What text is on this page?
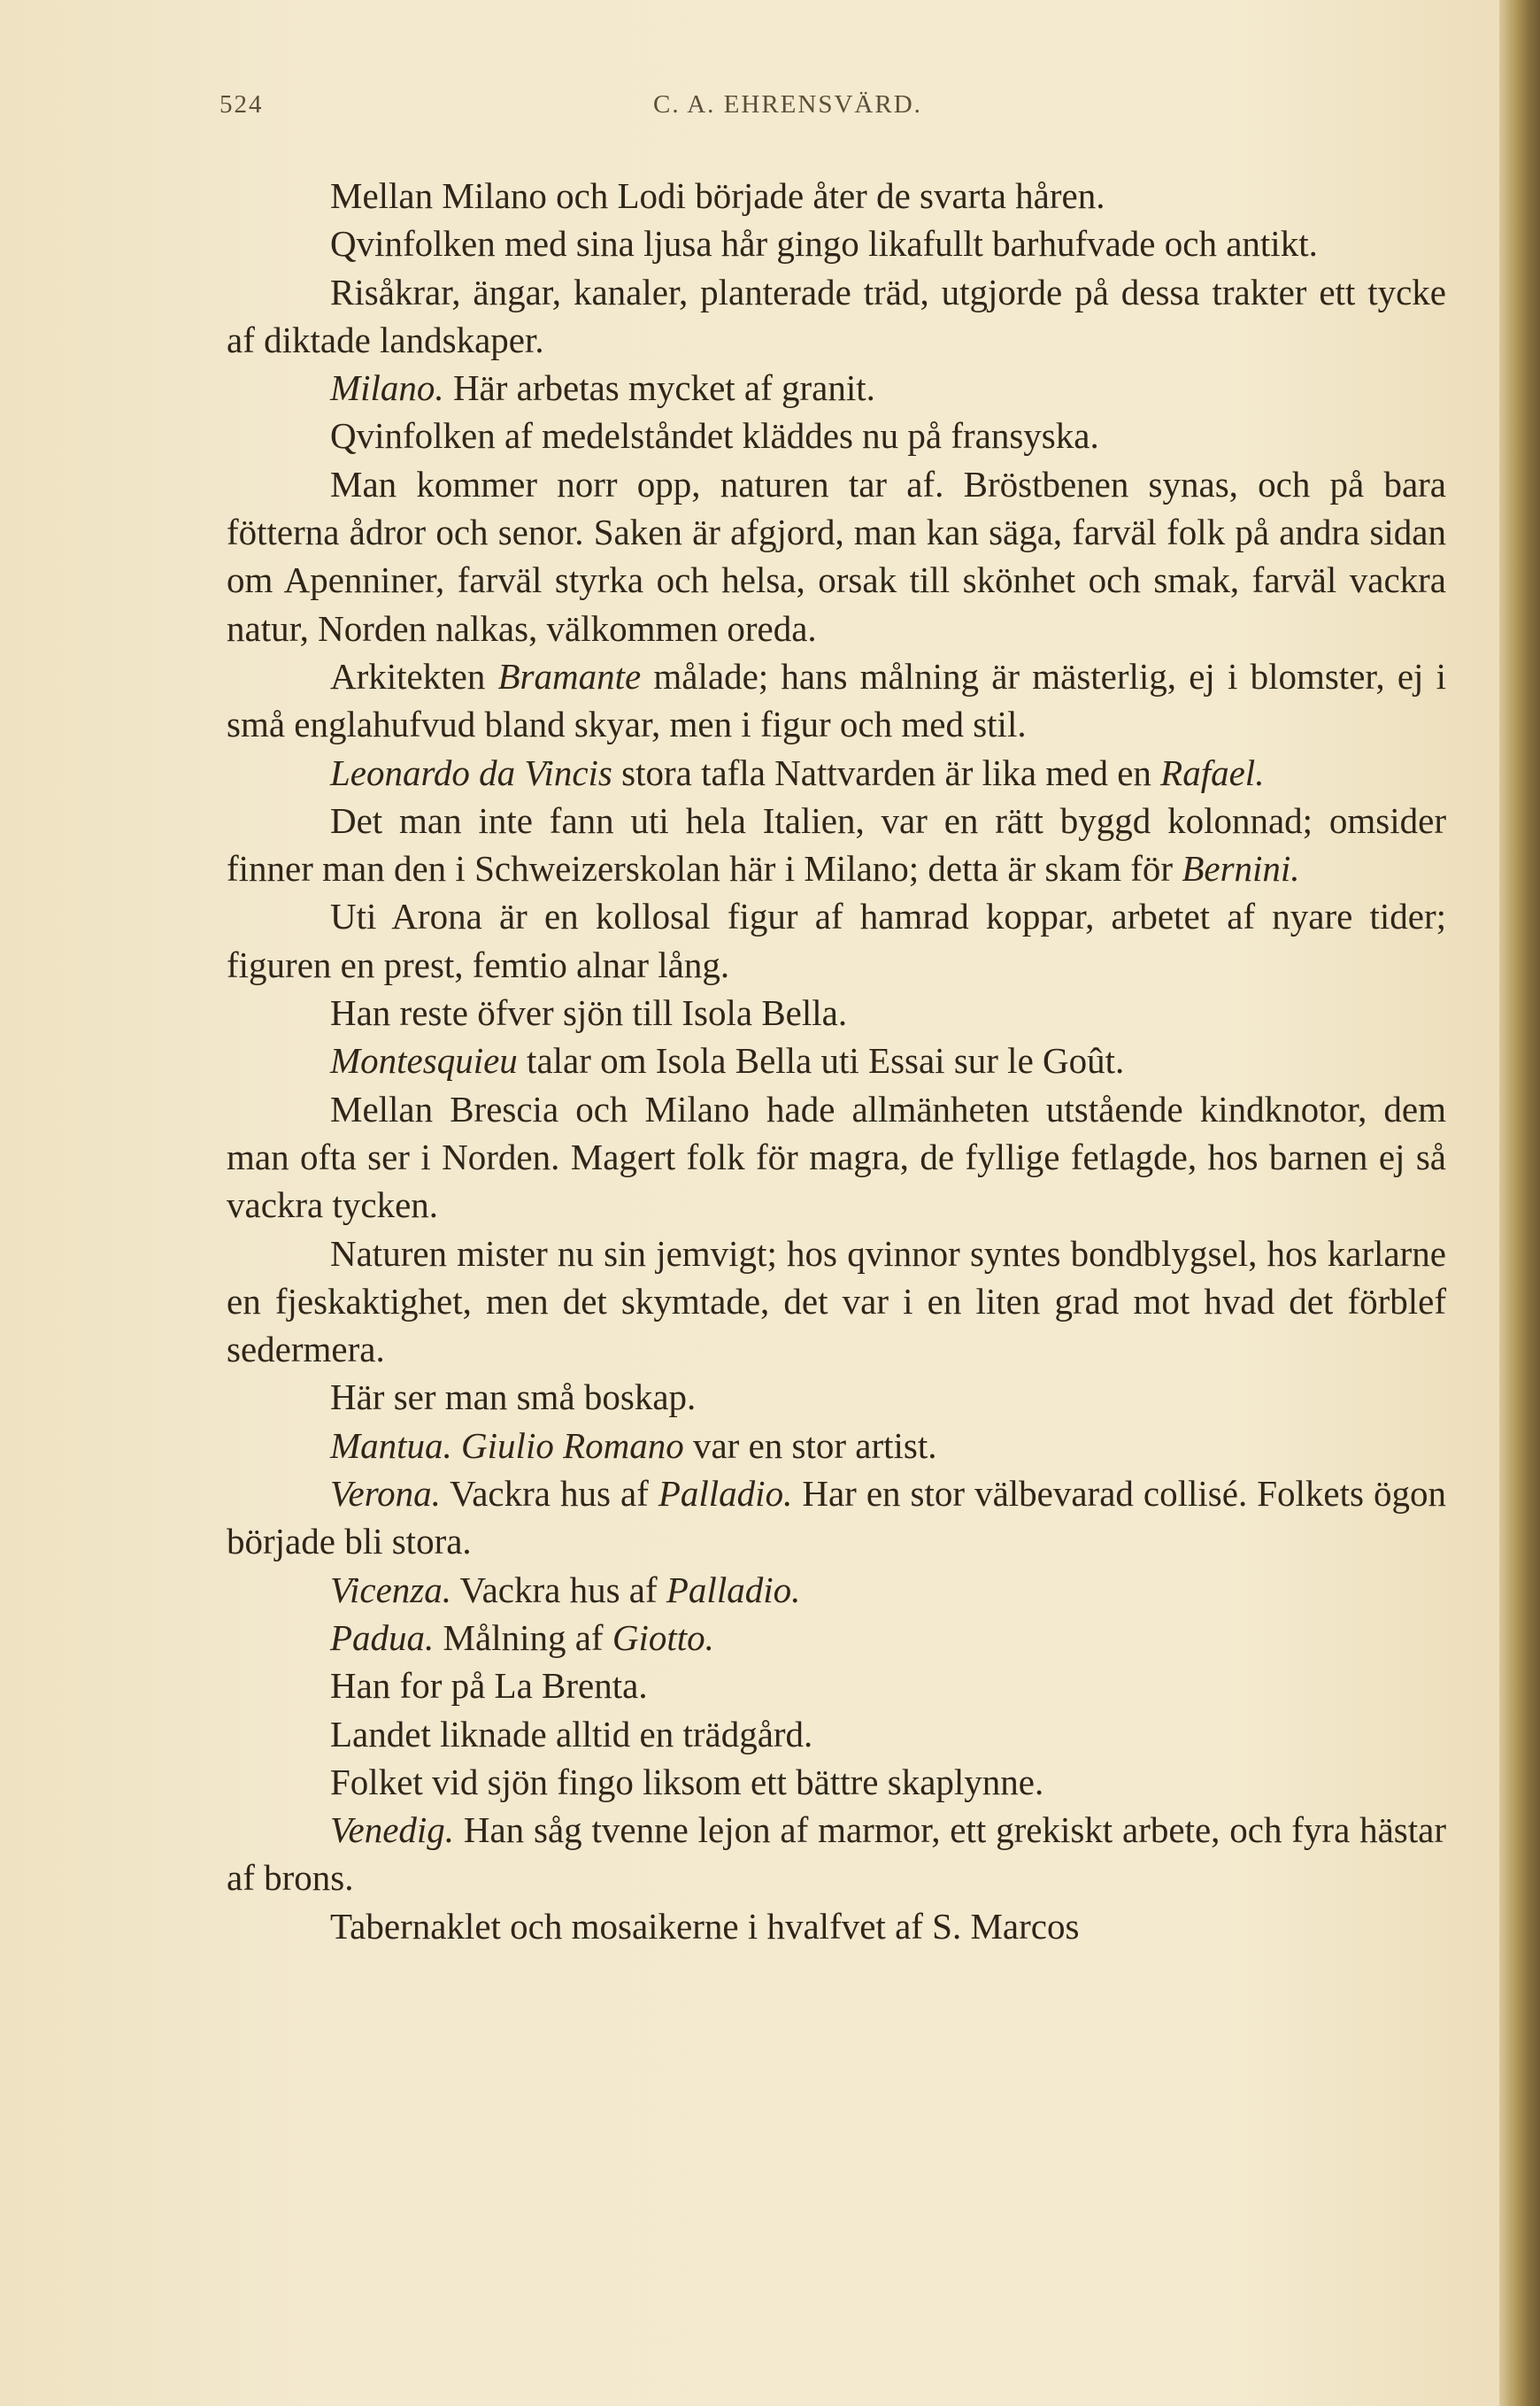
524	C. A. EHRENSVÄRD.

Mellan Milano och Lodi började åter de svarta håren.

Qvinfolken med sina ljusa hår gingo likafullt barhufvade och antikt.

Risåkrar, ängar, kanaler, planterade träd, utgjorde på dessa trakter ett tycke af diktade landskaper.

Milano. Här arbetas mycket af granit.

Qvinfolken af medelståndet kläddes nu på fransyska.

Man kommer norr opp, naturen tar af. Bröstbenen synas, och på bara fötterna ådror och senor. Saken är afgjord, man kan säga, farväl folk på andra sidan om Apenniner, farväl styrka och helsa, orsak till skönhet och smak, farväl vackra natur, Norden nalkas, välkommen oreda.

Arkitekten Bramante målade; hans målning är mästerlig, ej i blomster, ej i små englahufvud bland skyar, men i figur och med stil.

Leonardo da Vincis stora tafla Nattvarden är lika med en Rafael.

Det man inte fann uti hela Italien, var en rätt byggd kolonnad; omsider finner man den i Schweizerskolan här i Milano; detta är skam för Bernini.

Uti Arona är en kollosal figur af hamrad koppar, arbetet af nyare tider; figuren en prest, femtio alnar lång.

Han reste öfver sjön till Isola Bella.

Montesquieu talar om Isola Bella uti Essai sur le Goût.

Mellan Brescia och Milano hade allmänheten utstående kindknotor, dem man ofta ser i Norden. Magert folk för magra, de fyllige fetlagde, hos barnen ej så vackra tycken.

Naturen mister nu sin jemvigt; hos qvinnor syntes bondblygsel, hos karlarne en fjeskaktighet, men det skymtade, det var i en liten grad mot hvad det förblef sedermera.

Här ser man små boskap.

Mantua. Giulio Romano var en stor artist.

Verona. Vackra hus af Palladio. Har en stor välbevarad collisé. Folkets ögon började bli stora.

Vicenza. Vackra hus af Palladio.

Padua. Målning af Giotto.

Han for på La Brenta.

Landet liknade alltid en trädgård.

Folket vid sjön fingo liksom ett bättre skaplynne.

Venedig. Han såg tvenne lejon af marmor, ett grekiskt arbete, och fyra hästar af brons.

Tabernaklet och mosaikerne i hvalfvet af S. Marcos
